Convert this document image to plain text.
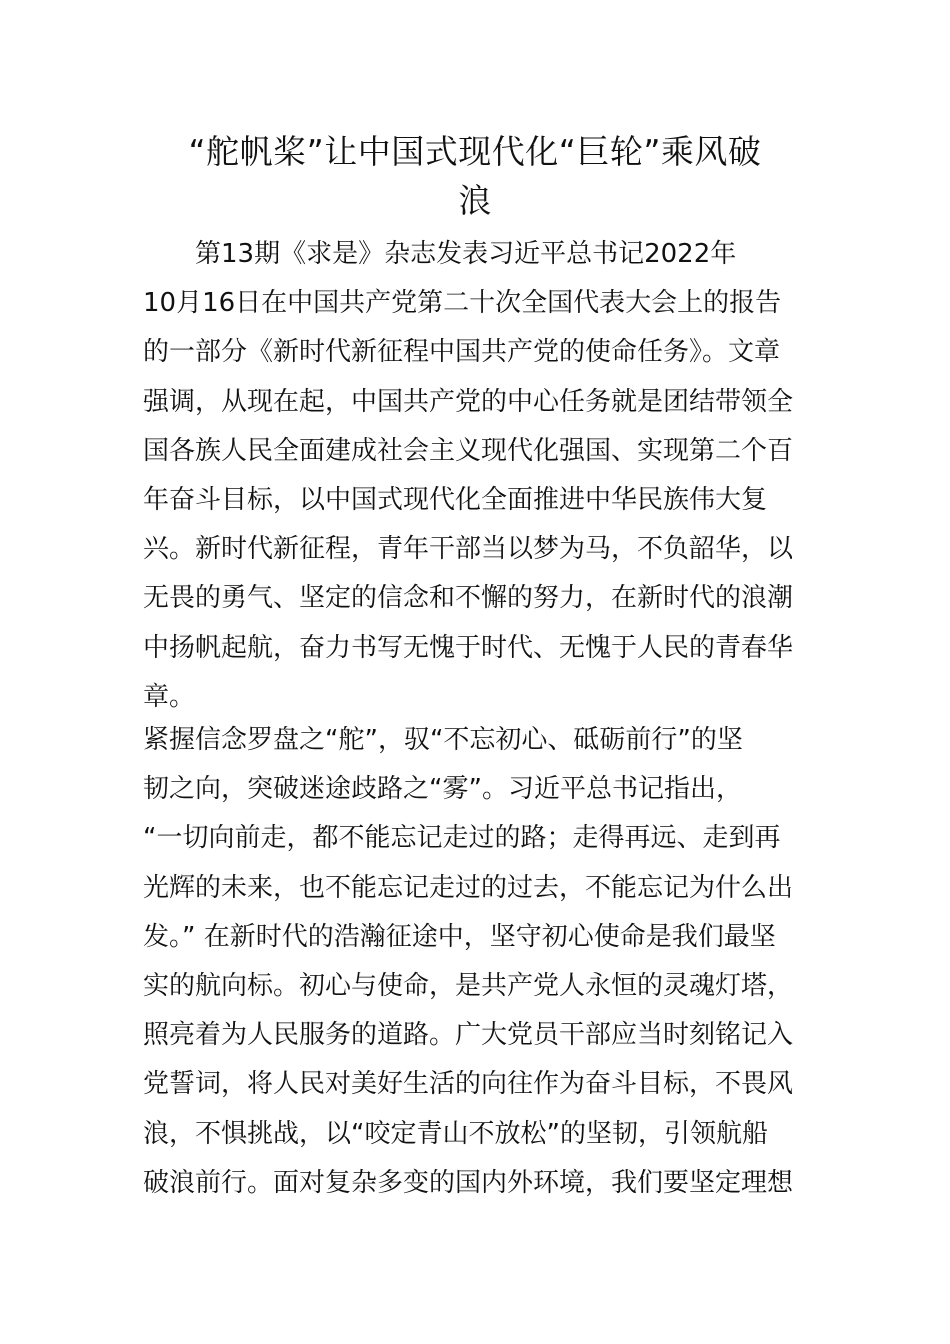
“舵帆桨”让中国式现代化“巨轮”乘风破
浪
　　第13期《求是》杂志发表习近平总书记2022年
10月16日在中国共产党第二十次全国代表大会上的报告
的一部分《新时代新征程中国共产党的使命任务》。文章
强调，从现在起，中国共产党的中心任务就是团结带领全
国各族人民全面建成社会主义现代化强国、实现第二个百
年奋斗目标，以中国式现代化全面推进中华民族伟大复
兴。新时代新征程，青年干部当以梦为马，不负韶华，以
无畏的勇气、坚定的信念和不懈的努力，在新时代的浪潮
中扬帆起航，奋力书写无愧于时代、无愧于人民的青春华
章。
紧握信念罗盘之“舵”，驭“不忘初心、砥砺前行”的坚
韧之向，突破迷途歧路之“雾”。习近平总书记指出，
“一切向前走，都不能忘记走过的路；走得再远、走到再
光辉的未来，也不能忘记走过的过去，不能忘记为什么出
发。” 在新时代的浩瀚征途中，坚守初心使命是我们最坚
实的航向标。初心与使命，是共产党人永恒的灵魂灯塔，
照亮着为人民服务的道路。广大党员干部应当时刻铭记入
党誓词，将人民对美好生活的向往作为奋斗目标，不畏风
浪，不惧挑战，以“咬定青山不放松”的坚韧，引领航船
破浪前行。面对复杂多变的国内外环境，我们要坚定理想
